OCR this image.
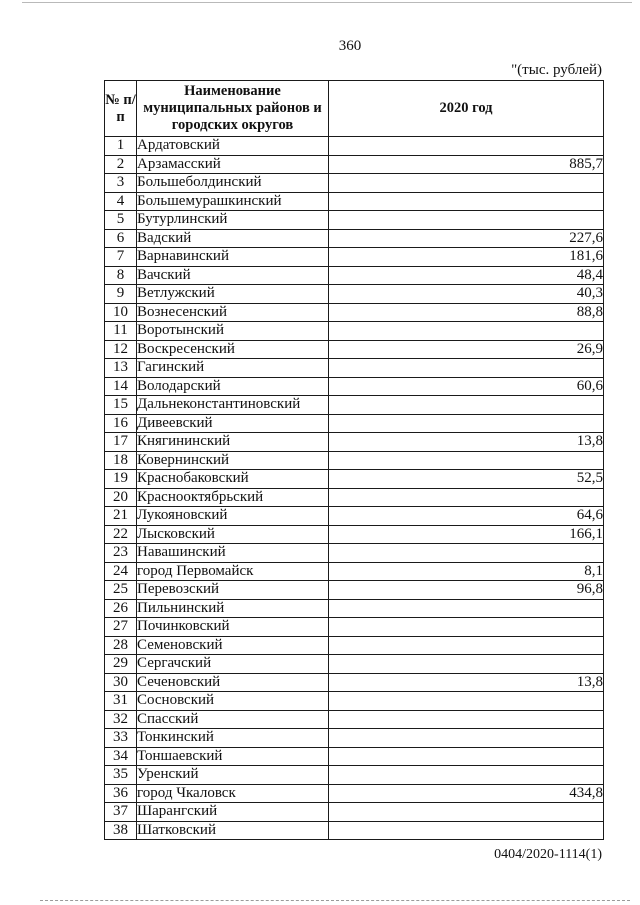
360
"(тыс. рублей)
№ п/п	Наименование муниципальных районов и городских округов	2020 год
1	Ардатовский	
2	Арзамасский	885,7
3	Большеболдинский	
4	Большемурашкинский	
5	Бутурлинский	
6	Вадский	227,6
7	Варнавинский	181,6
8	Вачский	48,4
9	Ветлужский	40,3
10	Вознесенский	88,8
11	Воротынский	
12	Воскресенский	26,9
13	Гагинский	
14	Володарский	60,6
15	Дальнеконстантиновский	
16	Дивеевский	
17	Княгининский	13,8
18	Ковернинский	
19	Краснобаковский	52,5
20	Краснооктябрьский	
21	Лукояновский	64,6
22	Лысковский	166,1
23	Навашинский	
24	город Первомайск	8,1
25	Перевозский	96,8
26	Пильнинский	
27	Починковский	
28	Семеновский	
29	Сергачский	
30	Сеченовский	13,8
31	Сосновский	
32	Спасский	
33	Тонкинский	
34	Тоншаевский	
35	Уренский	
36	город Чкаловск	434,8
37	Шарангский	
38	Шатковский	
0404/2020-1114(1)
